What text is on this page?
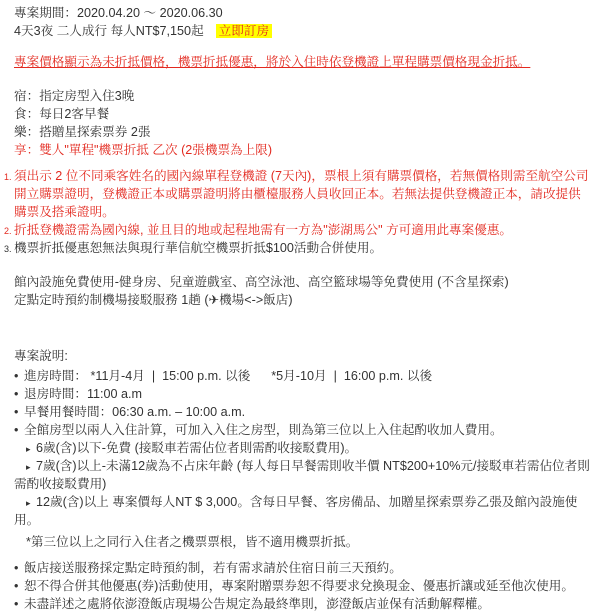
專案期間：2020.04.20 ～ 2020.06.30
4天3夜 二人成行 每人NT$7,150起 立即訂房
專案價格顯示為未折抵價格，機票折抵優惠，將於入住時依登機證上單程購票價格現金折抵。
宿：指定房型入住3晚
食：每日2客早餐
樂：搭贈星探索票券 2張
享：雙人"單程"機票折抵 乙次 (2張機票為上限)
1. 須出示 2 位不同乘客姓名的國內線單程登機證 (7天內)，票根上須有購票價格，若無價格則需至航空公司
開立購票證明，登機證正本或購票證明將由櫃檯服務人員收回正本。若無法提供登機證正本，請改提供
購票及搭乘證明。
2. 折抵登機證需為國內線, 並且目的地或起程地需有一方為"澎湖馬公" 方可適用此專案優惠。
3. 機票折抵優惠恕無法與現行華信航空機票折抵$100活動合併使用。
館內設施免費使用-健身房、兒童遊戲室、高空泳池、高空籃球場等免費使用 (不含星探索)
定點定時預約制機場接駁服務 1趟 (✈機場<->飯店)
專案說明:
• 進房時間： *11月-4月  |  15:00 p.m. 以後      *5月-10月  |  16:00 p.m. 以後
• 退房時間：11:00 a.m
• 早餐用餐時間：06:30 a.m. – 10:00 a.m.
• 全館房型以兩人入住計算，可加入入住之房型，則為第三位以上入住起酌收加人費用。
▸ 6歲(含)以下-免費 (接駁車若需佔位者則需酌收接駁費用)。
▸ 7歲(含)以上-未滿12歲為不占床年齡 (每人每日早餐需則收半價 NT$200+10%元/接駁車若需佔位者則
需酌收接駁費用)
▸ 12歲(含)以上 專案價每人NT $ 3,000。含每日早餐、客房備品、加贈星探索票券乙張及館內設施使
用。
*第三位以上之同行入住者之機票票根，皆不適用機票折抵。
• 飯店接送服務採定點定時預約制，若有需求請於住宿日前三天預約。
• 恕不得合併其他優惠(券)活動使用，專案附贈票券恕不得要求兌換現金、優惠折讓或延至他次使用。
• 未盡詳述之處將依澎澄飯店現場公告規定為最終準則，澎澄飯店並保有活動解釋權。
